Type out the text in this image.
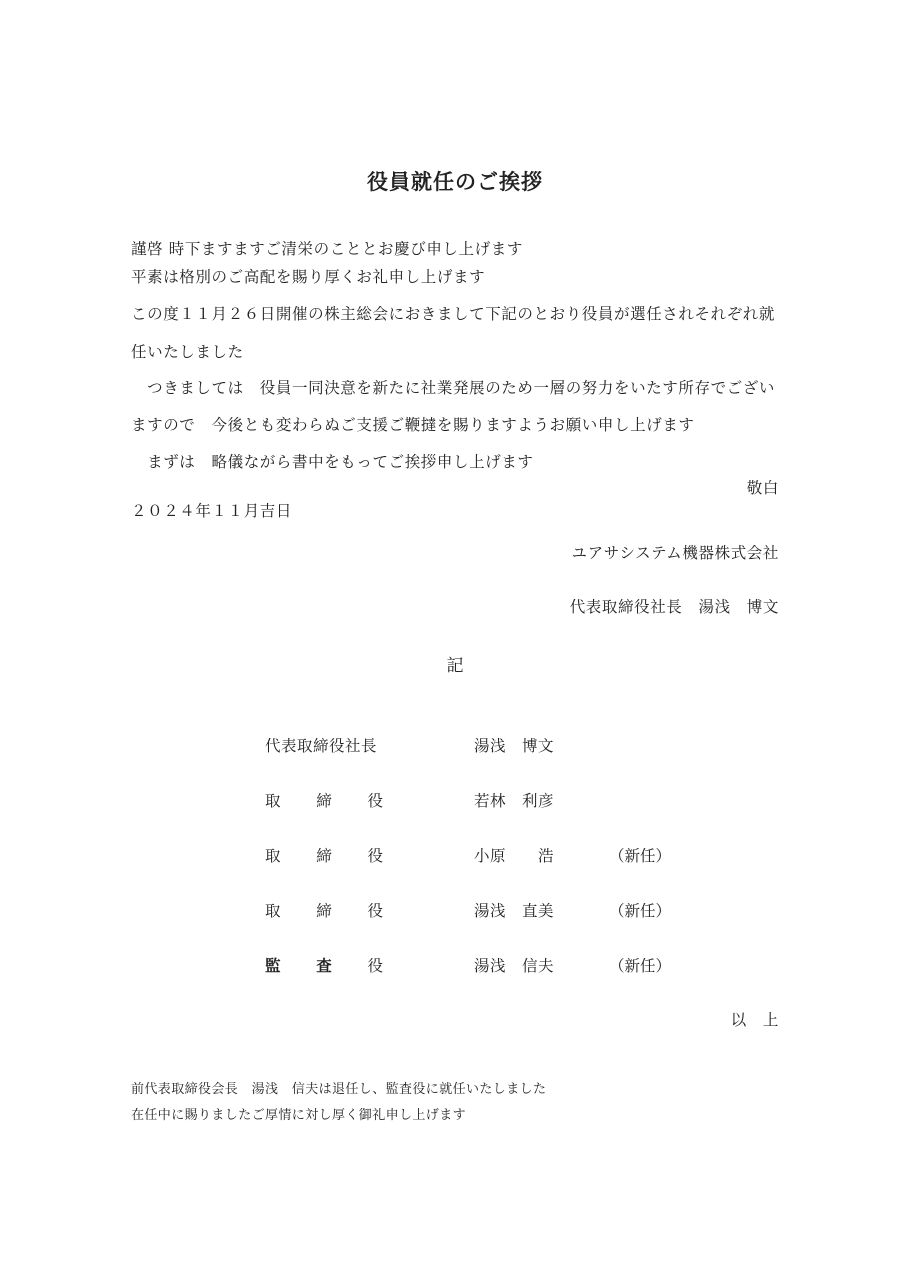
役員就任のご挨拶
謹啓 時下ますますご清栄のこととお慶び申し上げます
平素は格別のご高配を賜り厚くお礼申し上げます
この度１１月２６日開催の株主総会におきまして下記のとおり役員が選任されそれぞれ就
任いたしました
　つきましては　役員一同決意を新たに社業発展のため一層の努力をいたす所存でござい
ますので　今後とも変わらぬご支援ご鞭撻を賜りますようお願い申し上げます
　まずは　略儀ながら書中をもってご挨拶申し上げます
敬白
２０２４年１１月吉日
ユアサシステム機器株式会社
代表取締役社長　湯浅　博文
記
代表取締役社長	湯浅　博文
取 締 役	若林　利彦
取 締 役	小原　　浩	（新任）
取 締 役	湯浅　直美	（新任）
監 査 役	湯浅　信夫	（新任）
以　上
前代表取締役会長　湯浅　信夫は退任し、監査役に就任いたしました
在任中に賜りましたご厚情に対し厚く御礼申し上げます
